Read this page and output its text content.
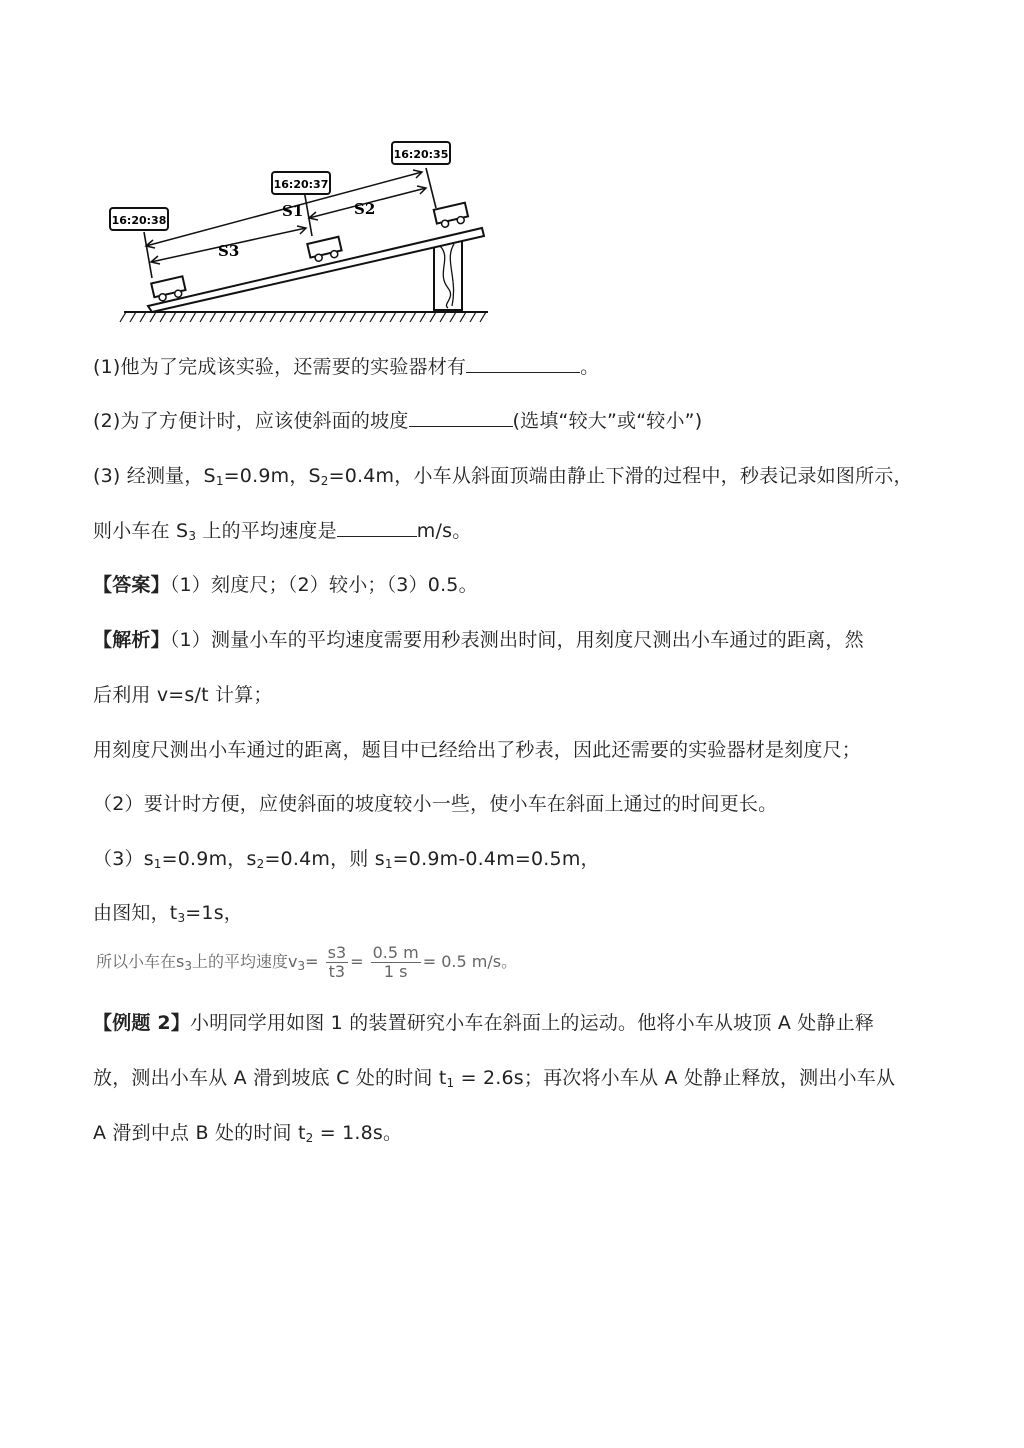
16:20:38
16:20:37
16:20:35
S1	S2
S3
(1)他为了完成该实验，还需要的实验器材有	。
(2)为了方便计时，应该使斜面的坡度	(选填“较大”或“较小”)
(3) 经测量，$S_1=0.9m$，$S_2=0.4m$，小车从斜面顶端由静止下滑的过程中，秒表记录如图所示，
则小车在 $S_3$ 上的平均速度是	m/s。
【答案】（1）刻度尺；（2）较小；（3）0.5。
【解析】（1）测量小车的平均速度需要用秒表测出时间，用刻度尺测出小车通过的距离，然
后利用 v=s/t 计算；
用刻度尺测出小车通过的距离，题目中已经给出了秒表，因此还需要的实验器材是刻度尺；
（2）要计时方便，应使斜面的坡度较小一些，使小车在斜面上通过的时间更长。
$(3)s_1=0.9m$，$s_2=0.4m$，则 $s_1=0.9m-0.4m=0.5m$，
由图知，$t_3=1s$，
所以小车在$s_3$上的平均速度$v_3= \frac{s3}{t3} = \frac{0.5 m}{1 s} = 0.5$ m/s。
【例题 2】小明同学用如图 1 的装置研究小车在斜面上的运动。他将小车从坡顶 A 处静止释
放，测出小车从 A 滑到坡底 C 处的时间 $t_1 = 2.6s$；再次将小车从 A 处静止释放，测出小车从
A 滑到中点 B 处的时间 $t_2 = 1.8s$。
